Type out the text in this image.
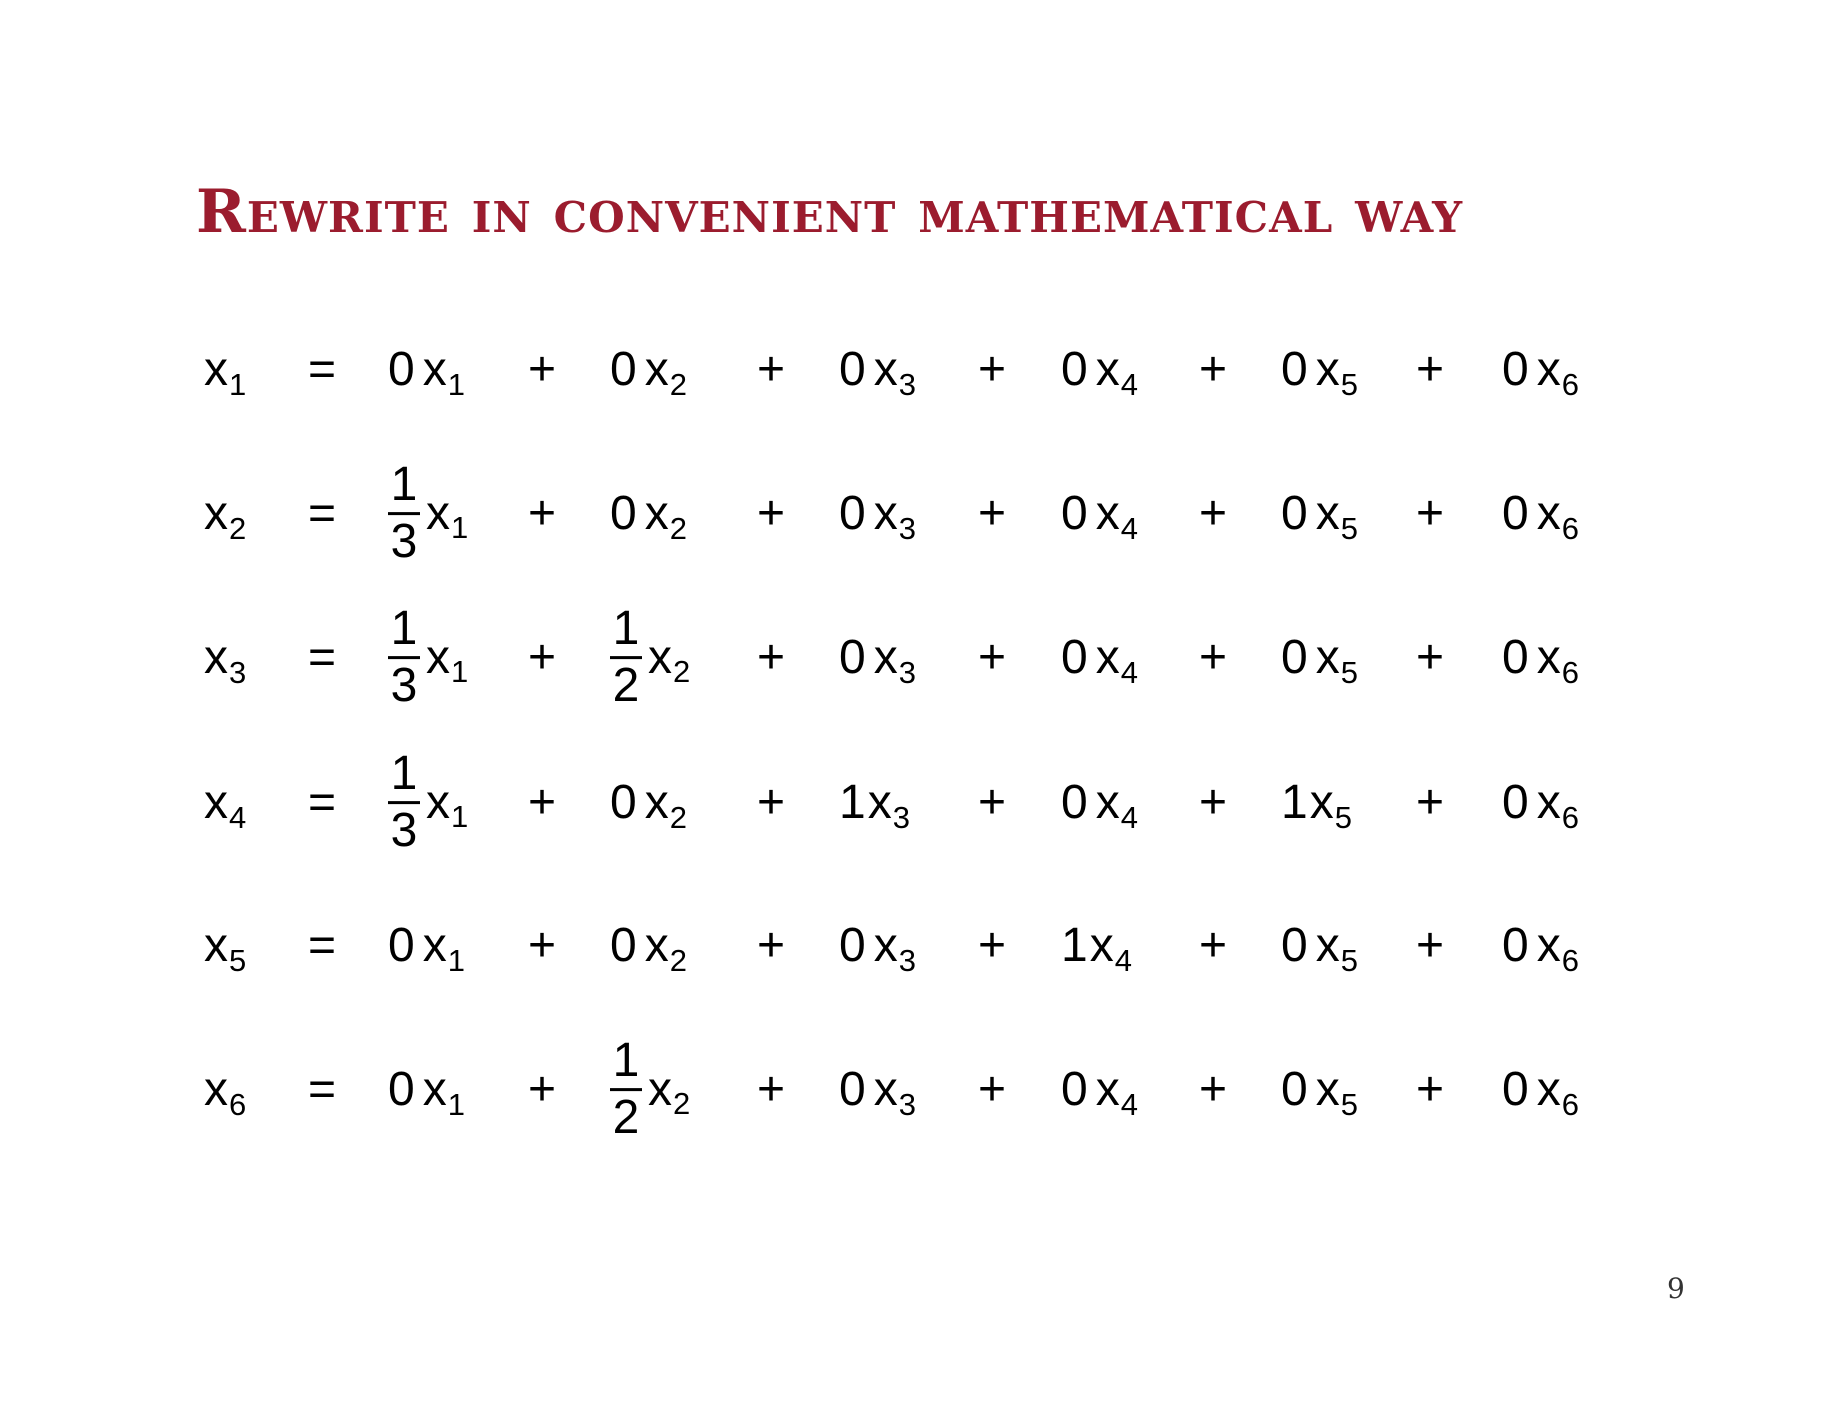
Rewrite in convenient mathematical way
x 1 = 0 x 1 + 0 x 2 + 0 x 3 + 0 x 4 + 0 x 5 + 0 x 6
x $2 = \frac{1}{3}$ x 1 + 0 x 2 + 0 x 3 + 0 x 4 + 0 x 5 + 0 x 6
x $3 = \frac{1}{3}$ x $1 + \frac{1}{2}$ x 2 + 0 x 3 + 0 x 4 + 0 x 5 + 0 x 6
x $4 = \frac{1}{3}$ x 1 + 0 x 2 + 1 x 3 + 0 x 4 + 1 x 5 + 0 x 6
x 5 = 0 x 1 + 0 x 2 + 0 x 3 + 1 x 4 + 0 x 5 + 0 x 6
x 6 = 0 x $1 + \frac{1}{2}$ x 2 + 0 x 3 + 0 x 4 + 0 x 5 + 0 x 6
9
